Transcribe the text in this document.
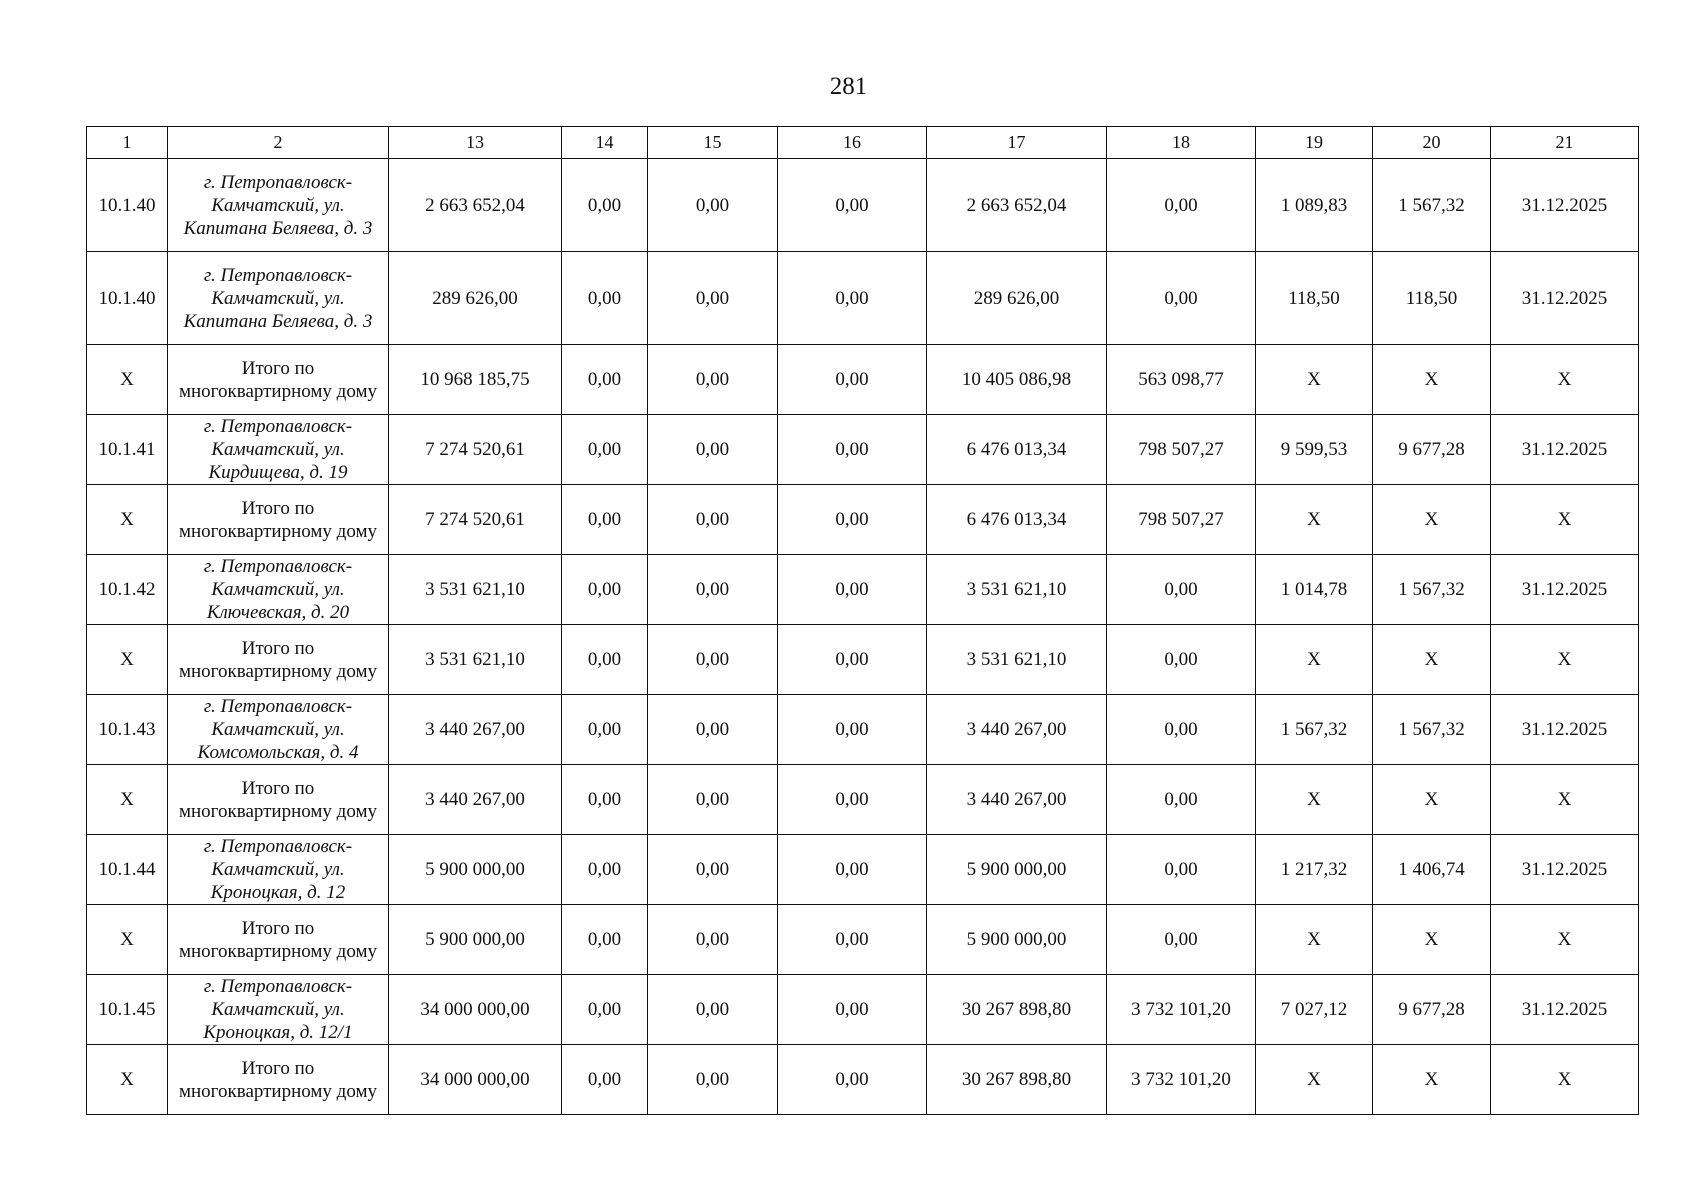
281
1	2	13	14	15	16	17	18	19	20	21
10.1.40	г. Петропавловск-Камчатский, ул. Капитана Беляева, д. 3	2 663 652,04	0,00	0,00	0,00	2 663 652,04	0,00	1 089,83	1 567,32	31.12.2025
10.1.40	г. Петропавловск-Камчатский, ул. Капитана Беляева, д. 3	289 626,00	0,00	0,00	0,00	289 626,00	0,00	118,50	118,50	31.12.2025
X	Итого по многоквартирному дому	10 968 185,75	0,00	0,00	0,00	10 405 086,98	563 098,77	X	X	X
10.1.41	г. Петропавловск-Камчатский, ул. Кирдищева, д. 19	7 274 520,61	0,00	0,00	0,00	6 476 013,34	798 507,27	9 599,53	9 677,28	31.12.2025
X	Итого по многоквартирному дому	7 274 520,61	0,00	0,00	0,00	6 476 013,34	798 507,27	X	X	X
10.1.42	г. Петропавловск-Камчатский, ул. Ключевская, д. 20	3 531 621,10	0,00	0,00	0,00	3 531 621,10	0,00	1 014,78	1 567,32	31.12.2025
X	Итого по многоквартирному дому	3 531 621,10	0,00	0,00	0,00	3 531 621,10	0,00	X	X	X
10.1.43	г. Петропавловск-Камчатский, ул. Комсомольская, д. 4	3 440 267,00	0,00	0,00	0,00	3 440 267,00	0,00	1 567,32	1 567,32	31.12.2025
X	Итого по многоквартирному дому	3 440 267,00	0,00	0,00	0,00	3 440 267,00	0,00	X	X	X
10.1.44	г. Петропавловск-Камчатский, ул. Кроноцкая, д. 12	5 900 000,00	0,00	0,00	0,00	5 900 000,00	0,00	1 217,32	1 406,74	31.12.2025
X	Итого по многоквартирному дому	5 900 000,00	0,00	0,00	0,00	5 900 000,00	0,00	X	X	X
10.1.45	г. Петропавловск-Камчатский, ул. Кроноцкая, д. 12/1	34 000 000,00	0,00	0,00	0,00	30 267 898,80	3 732 101,20	7 027,12	9 677,28	31.12.2025
X	Итого по многоквартирному дому	34 000 000,00	0,00	0,00	0,00	30 267 898,80	3 732 101,20	X	X	X
